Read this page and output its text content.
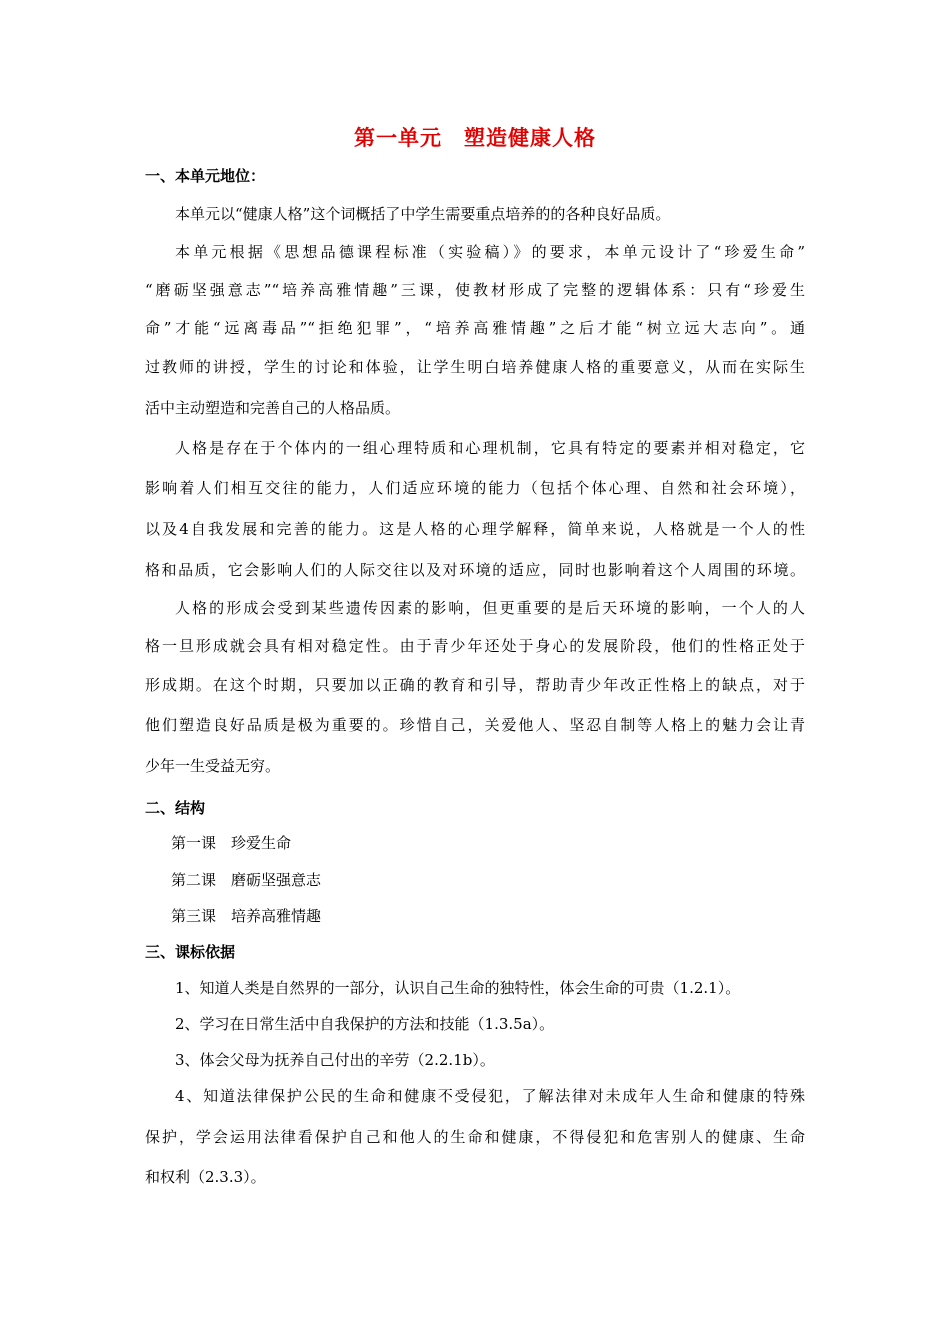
第一单元　塑造健康人格
一、本单元地位：
本单元以“健康人格”这个词概括了中学生需要重点培养的的各种良好品质。
本单元根据《思想品德课程标准（实验稿）》的要求，本单元设计了“珍爱生命”
“磨砺坚强意志”“培养高雅情趣”三课，使教材形成了完整的逻辑体系：只有“珍爱生
命”才能“远离毒品”“拒绝犯罪”，“培养高雅情趣”之后才能“树立远大志向”。通
过教师的讲授，学生的讨论和体验，让学生明白培养健康人格的重要意义，从而在实际生
活中主动塑造和完善自己的人格品质。
人格是存在于个体内的一组心理特质和心理机制，它具有特定的要素并相对稳定，它
影响着人们相互交往的能力，人们适应环境的能力（包括个体心理、自然和社会环境），
以及4自我发展和完善的能力。这是人格的心理学解释，简单来说，人格就是一个人的性
格和品质，它会影响人们的人际交往以及对环境的适应，同时也影响着这个人周围的环境。
人格的形成会受到某些遗传因素的影响，但更重要的是后天环境的影响，一个人的人
格一旦形成就会具有相对稳定性。由于青少年还处于身心的发展阶段，他们的性格正处于
形成期。在这个时期，只要加以正确的教育和引导，帮助青少年改正性格上的缺点，对于
他们塑造良好品质是极为重要的。珍惜自己，关爱他人、坚忍自制等人格上的魅力会让青
少年一生受益无穷。
二、结构
第一课　珍爱生命
第二课　磨砺坚强意志
第三课　培养高雅情趣
三、课标依据
1、知道人类是自然界的一部分，认识自己生命的独特性，体会生命的可贵（1.2.1）。
2、学习在日常生活中自我保护的方法和技能（1.3.5a）。
3、体会父母为抚养自己付出的辛劳（2.2.1b）。
4、知道法律保护公民的生命和健康不受侵犯，了解法律对未成年人生命和健康的特殊
保护，学会运用法律看保护自己和他人的生命和健康，不得侵犯和危害别人的健康、生命
和权利（2.3.3）。
